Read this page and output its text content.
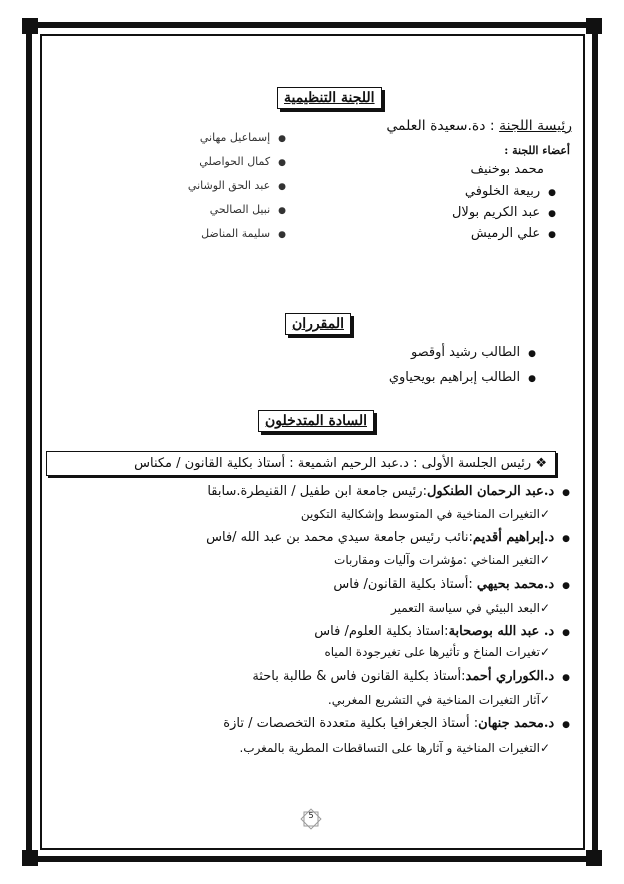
اللجنة التنظيمية
●إسماعيل مهاني
●كمال الحواصلي
●عبد الحق الوشاني
●نبيل الصالحي
●سليمة المناضل
رئيسة اللجنة : دة.سعيدة العلمي
أعضاء اللجنة :
محمد بوخنيف
●ربيعة الخلوفي
●عبد الكريم بولال
●علي الرميش
المقرران
●الطالب رشيد أوقصو
●الطالب إبراهيم بويحياوي
السادة المتدخلون
❖ رئيس الجلسة الأولى : د.عبد الرحيم اشميعة : أستاذ بكلية القانون / مكناس
●د.عبد الرحمان الطنكول:رئيس جامعة ابن طفيل / القنيطرة.سابقا
✓التغيرات المناخية في المتوسط وإشكالية التكوين
●د.إبراهيم أقديم:نائب رئيس جامعة سيدي محمد بن عبد الله /فاس
✓التغير المناخي :مؤشرات وآليات ومقاربات
●د.محمد بحيهي :أستاذ بكلية القانون/ فاس
✓البعد البيئي في سياسة التعمير
●د. عبد الله بوصحابة:استاذ بكلية العلوم/ فاس
✓تغيرات المناخ و تأثيرها على تغيرجودة المياه
●د.الكوراري أحمد:أستاذ بكلية القانون فاس & طالبة باحثة
✓آثار التغيرات المناخية في التشريع المغربي.
●د.محمد جنهان: أستاذ الجغرافيا بكلية متعددة التخصصات / تازة
✓التغيرات المناخية و آثارها على التساقطات المطرية بالمغرب.
5
